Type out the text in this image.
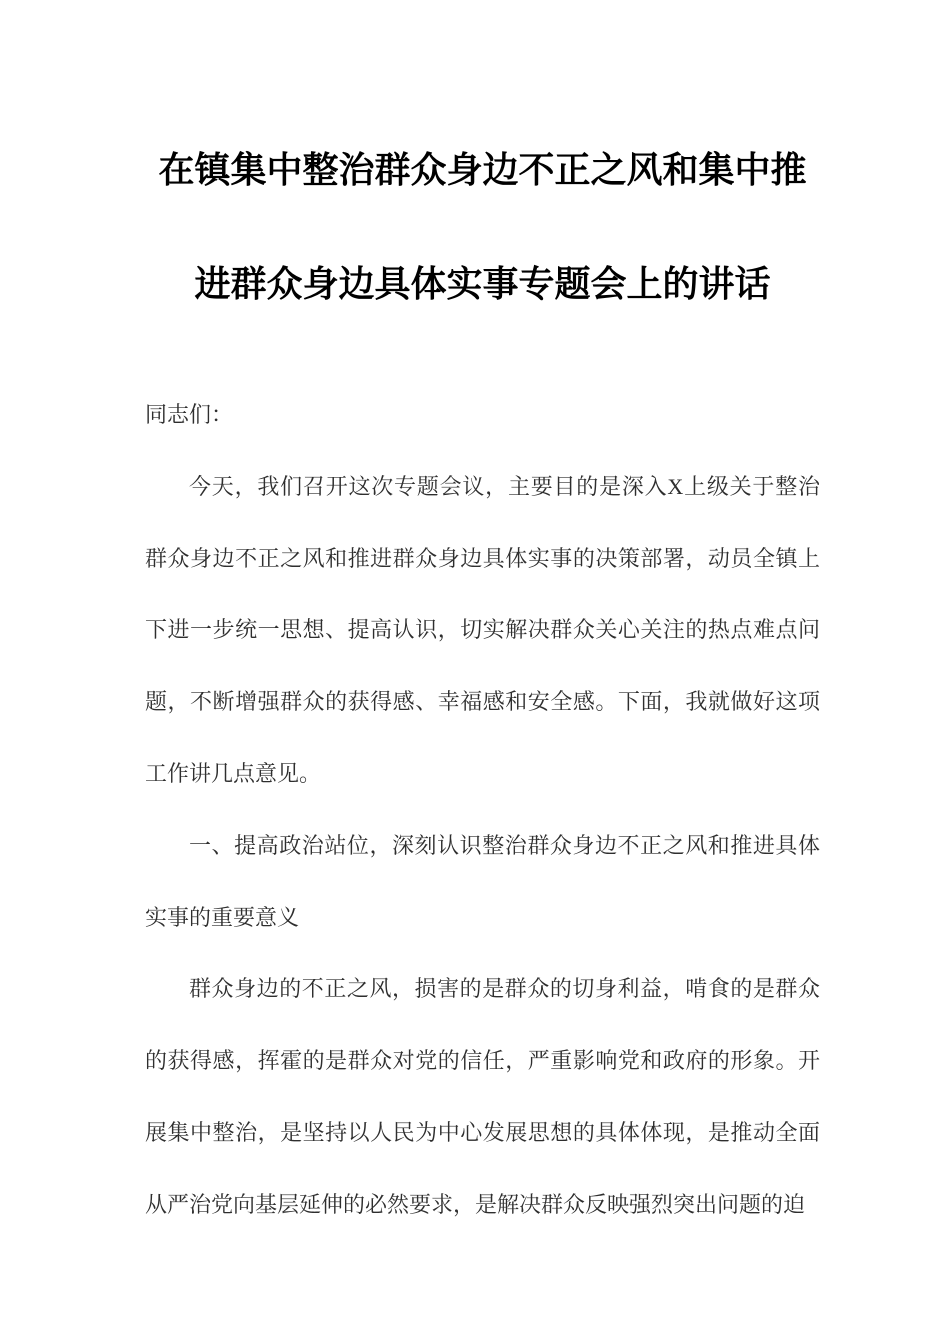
在镇集中整治群众身边不正之风和集中推
进群众身边具体实事专题会上的讲话

同志们：

今天，我们召开这次专题会议，主要目的是深入X上级关于整治群众身边不正之风和推进群众身边具体实事的决策部署，动员全镇上下进一步统一思想、提高认识，切实解决群众关心关注的热点难点问题，不断增强群众的获得感、幸福感和安全感。下面，我就做好这项工作讲几点意见。

一、提高政治站位，深刻认识整治群众身边不正之风和推进具体实事的重要意义

群众身边的不正之风，损害的是群众的切身利益，啃食的是群众的获得感，挥霍的是群众对党的信任，严重影响党和政府的形象。开展集中整治，是坚持以人民为中心发展思想的具体体现，是推动全面从严治党向基层延伸的必然要求，是解决群众反映强烈突出问题的迫
